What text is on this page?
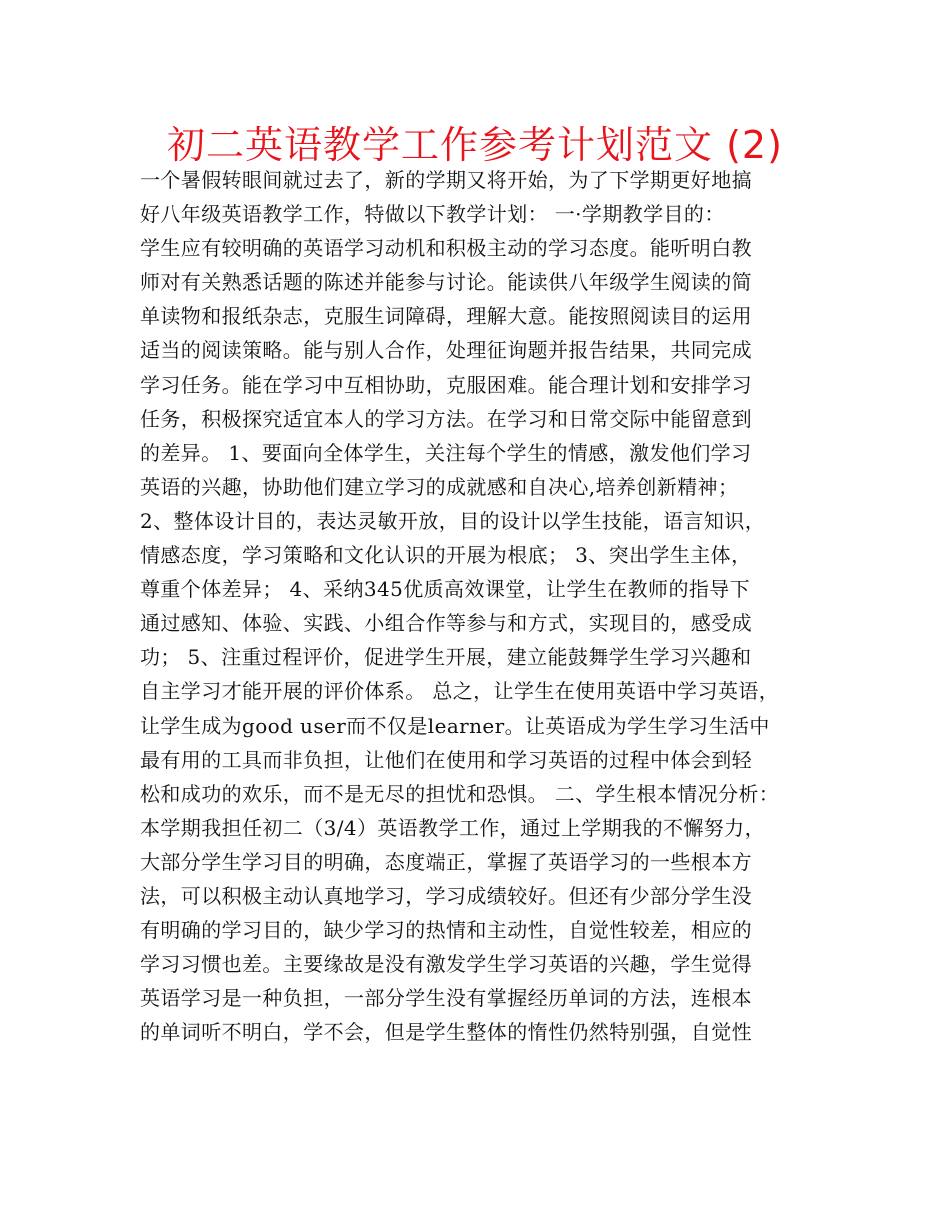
初二英语教学工作参考计划范文 (2)
一个暑假转眼间就过去了，新的学期又将开始，为了下学期更好地搞
好八年级英语教学工作，特做以下教学计划： 一·学期教学目的：
学生应有较明确的英语学习动机和积极主动的学习态度。能听明白教
师对有关熟悉话题的陈述并能参与讨论。能读供八年级学生阅读的简
单读物和报纸杂志，克服生词障碍，理解大意。能按照阅读目的运用
适当的阅读策略。能与别人合作，处理征询题并报告结果，共同完成
学习任务。能在学习中互相协助，克服困难。能合理计划和安排学习
任务，积极探究适宜本人的学习方法。在学习和日常交际中能留意到
的差异。 1、要面向全体学生，关注每个学生的情感，激发他们学习
英语的兴趣，协助他们建立学习的成就感和自决心,培养创新精神；
2、整体设计目的，表达灵敏开放，目的设计以学生技能，语言知识，
情感态度，学习策略和文化认识的开展为根底； 3、突出学生主体，
尊重个体差异； 4、采纳345优质高效课堂，让学生在教师的指导下
通过感知、体验、实践、小组合作等参与和方式，实现目的，感受成
功； 5、注重过程评价，促进学生开展，建立能鼓舞学生学习兴趣和
自主学习才能开展的评价体系。 总之，让学生在使用英语中学习英语，
让学生成为good user而不仅是learner。让英语成为学生学习生活中
最有用的工具而非负担，让他们在使用和学习英语的过程中体会到轻
松和成功的欢乐，而不是无尽的担忧和恐惧。 二、学生根本情况分析：
本学期我担任初二（3/4）英语教学工作，通过上学期我的不懈努力，
大部分学生学习目的明确，态度端正，掌握了英语学习的一些根本方
法，可以积极主动认真地学习，学习成绩较好。但还有少部分学生没
有明确的学习目的，缺少学习的热情和主动性，自觉性较差，相应的
学习习惯也差。主要缘故是没有激发学生学习英语的兴趣，学生觉得
英语学习是一种负担，一部分学生没有掌握经历单词的方法，连根本
的单词听不明白，学不会，但是学生整体的惰性仍然特别强，自觉性
